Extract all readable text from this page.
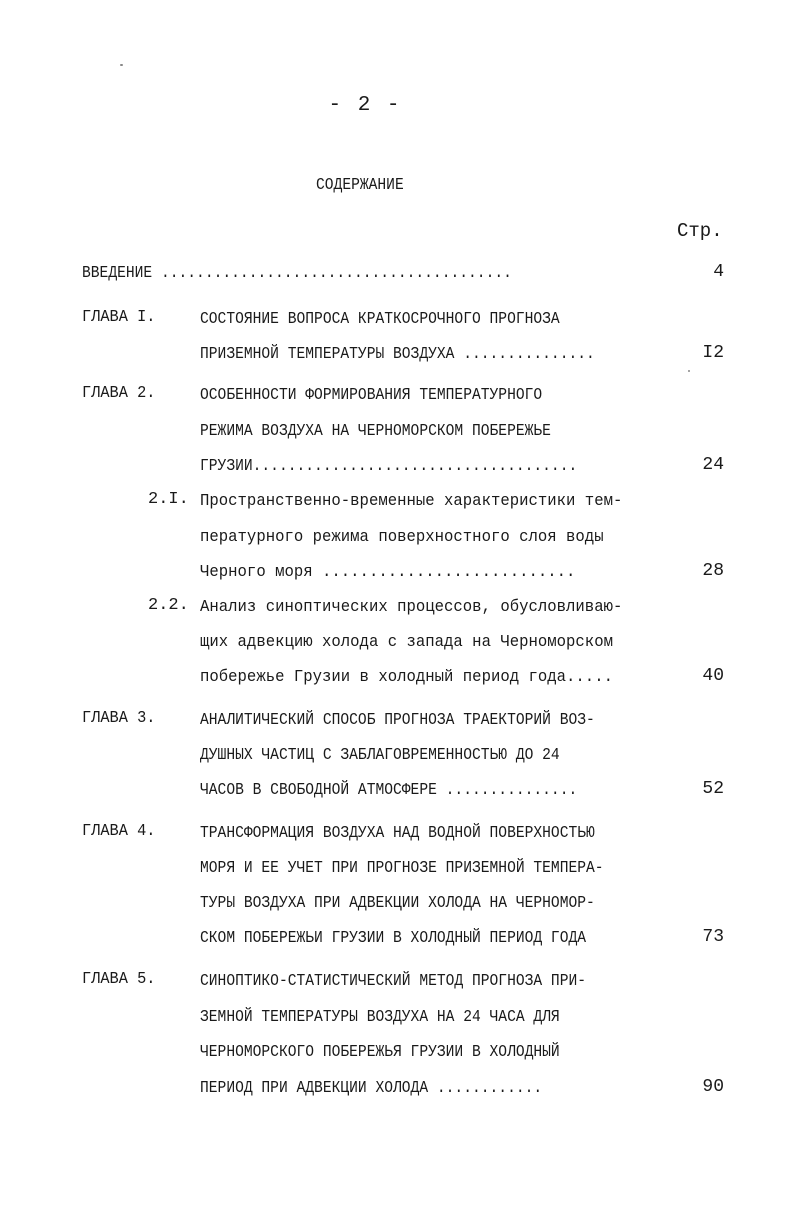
- 2 -
СОДЕРЖАНИЕ
Стр.
ВВЕДЕНИЕ ........................................	4
ГЛАВА I.	СОСТОЯНИЕ ВОПРОСА КРАТКОСРОЧНОГО ПРОГНОЗА
ПРИЗЕМНОЙ ТЕМПЕРАТУРЫ ВОЗДУХА ...............	I2
ГЛАВА 2.	ОСОБЕННОСТИ ФОРМИРОВАНИЯ ТЕМПЕРАТУРНОГО
РЕЖИМА ВОЗДУХА НА ЧЕРНОМОРСКОМ ПОБЕРЕЖЬЕ
ГРУЗИИ.....................................	24
2.I. Пространственно-временные характеристики тем-
пературного режима поверхностного слоя воды
Черного моря ...........................	28
2.2. Анализ синоптических процессов, обусловливаю-
щих адвекцию холода с запада на Черноморском
побережье Грузии в холодный период года.....	40
ГЛАВА 3.	АНАЛИТИЧЕСКИЙ СПОСОБ ПРОГНОЗА ТРАЕКТОРИЙ ВОЗ-
ДУШНЫХ ЧАСТИЦ С ЗАБЛАГОВРЕМЕННОСТЬЮ ДО 24
ЧАСОВ В СВОБОДНОЙ АТМОСФЕРЕ ...............	52
ГЛАВА 4.	ТРАНСФОРМАЦИЯ ВОЗДУХА НАД ВОДНОЙ ПОВЕРХНОСТЬЮ
МОРЯ И ЕЕ УЧЕТ ПРИ ПРОГНОЗЕ ПРИЗЕМНОЙ ТЕМПЕРА-
ТУРЫ ВОЗДУХА ПРИ АДВЕКЦИИ ХОЛОДА НА ЧЕРНОМОР-
СКОМ ПОБЕРЕЖЬИ ГРУЗИИ В ХОЛОДНЫЙ ПЕРИОД ГОДА	73
ГЛАВА 5.	СИНОПТИКО-СТАТИСТИЧЕСКИЙ МЕТОД ПРОГНОЗА ПРИ-
ЗЕМНОЙ ТЕМПЕРАТУРЫ ВОЗДУХА НА 24 ЧАСА ДЛЯ
ЧЕРНОМОРСКОГО ПОБЕРЕЖЬЯ ГРУЗИИ В ХОЛОДНЫЙ
ПЕРИОД ПРИ АДВЕКЦИИ ХОЛОДА ............	90
